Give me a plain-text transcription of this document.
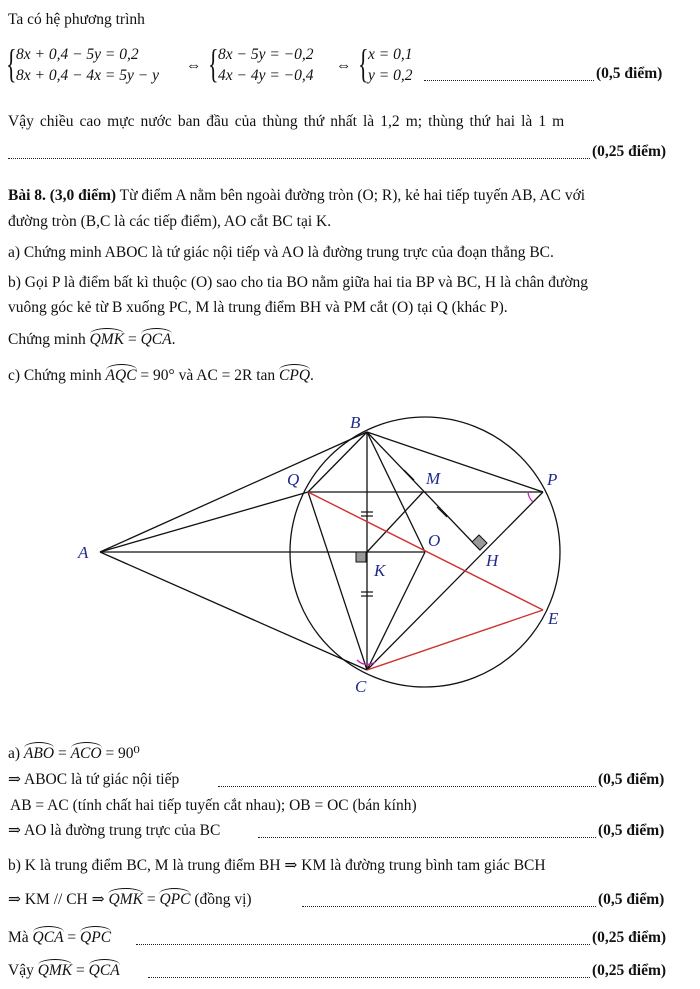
Ta có hệ phương trình
{ 8x + 0,4 − 5y = 0,2
8x + 0,4 − 4x = 5y − y
⇔ { 8x − 5y = −0,2
4x − 4y = −0,4
⇔ { x = 0,1
y = 0,2	(0,5 điểm)
Vậy chiều cao mực nước ban đầu của thùng thứ nhất là 1,2 m; thùng thứ hai là 1 m
(0,25 điểm)
Bài 8. (3,0 điểm) Từ điểm A nằm bên ngoài đường tròn (O; R), kẻ hai tiếp tuyến AB, AC với
đường tròn (B,C là các tiếp điểm), AO cắt BC tại K.
a) Chứng minh ABOC là tứ giác nội tiếp và AO là đường trung trực của đoạn thẳng BC.
b) Gọi P là điểm bất kì thuộc (O) sao cho tia BO nằm giữa hai tia BP và BC, H là chân đường
vuông góc kẻ từ B xuống PC, M là trung điểm BH và PM cắt (O) tại Q (khác P).
Chứng minh QMK = QCA.
c) Chứng minh AQC = 90° và AC = 2R tan CPQ.
A
B
Q	M	P
O
K
H
E
C
a) ABO = ACO = 90⁰
⇒ ABOC là tứ giác nội tiếp	(0,5 điểm)
AB = AC (tính chất hai tiếp tuyến cắt nhau); OB = OC (bán kính)
⇒ AO là đường trung trực của BC	(0,5 điểm)
b) K là trung điểm BC, M là trung điểm BH ⇒ KM là đường trung bình tam giác BCH
⇒ KM // CH ⇒ QMK = QPC (đồng vị)	(0,5 điểm)
Mà QCA = QPC	(0,25 điểm)
Vậy QMK = QCA	(0,25 điểm)
